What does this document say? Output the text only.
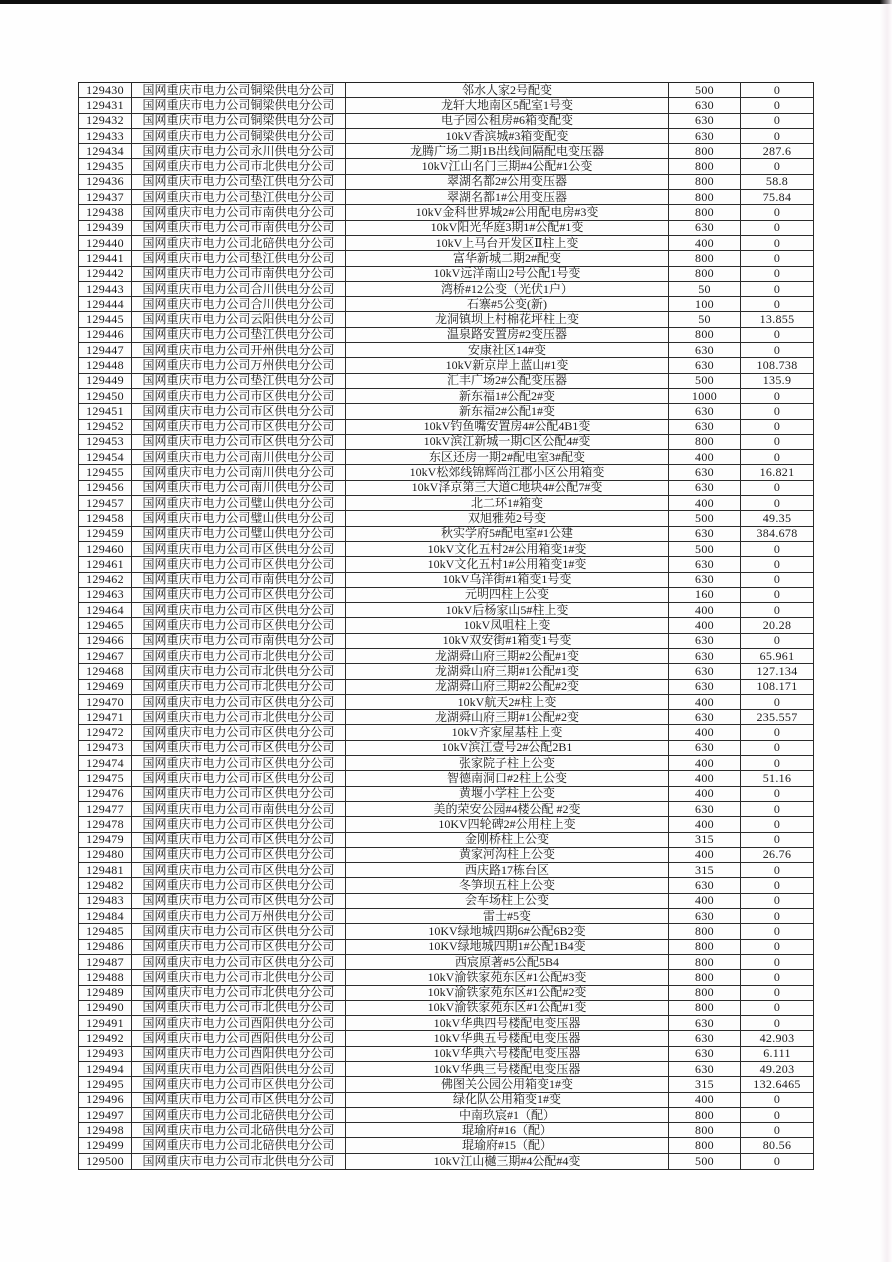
129430	国网重庆市电力公司铜梁供电分公司	邻水人家2号配变	500	0
129431	国网重庆市电力公司铜梁供电分公司	龙轩大地南区5配室1号变	630	0
129432	国网重庆市电力公司铜梁供电分公司	电子园公租房#6箱变配变	630	0
129433	国网重庆市电力公司铜梁供电分公司	10kV香滨城#3箱变配变	630	0
129434	国网重庆市电力公司永川供电分公司	龙腾广场二期1B出线间隔配电变压器	800	287.6
129435	国网重庆市电力公司市北供电分公司	10kV江山名门三期#4公配#1公变	800	0
129436	国网重庆市电力公司垫江供电分公司	翠湖名都2#公用变压器	800	58.8
129437	国网重庆市电力公司垫江供电分公司	翠湖名都1#公用变压器	800	75.84
129438	国网重庆市电力公司市南供电分公司	10kV金科世界城2#公用配电房#3变	800	0
129439	国网重庆市电力公司市南供电分公司	10kV阳光华庭3期1#公配#1变	630	0
129440	国网重庆市电力公司北碚供电分公司	10kV上马台开发区Ⅱ柱上变	400	0
129441	国网重庆市电力公司垫江供电分公司	富华新城二期2#配变	800	0
129442	国网重庆市电力公司市南供电分公司	10kV远洋南山2号公配1号变	800	0
129443	国网重庆市电力公司合川供电分公司	湾桥#12公变（光伏1户）	50	0
129444	国网重庆市电力公司合川供电分公司	石寨#5公变(新)	100	0
129445	国网重庆市电力公司云阳供电分公司	龙洞镇坝上村棉花坪柱上变	50	13.855
129446	国网重庆市电力公司垫江供电分公司	温泉路安置房#2变压器	800	0
129447	国网重庆市电力公司开州供电分公司	安康社区14#变	630	0
129448	国网重庆市电力公司万州供电分公司	10kV新京岸上蓝山#1变	630	108.738
129449	国网重庆市电力公司垫江供电分公司	汇丰广场2#公配变压器	500	135.9
129450	国网重庆市电力公司市区供电分公司	新东福1#公配2#变	1000	0
129451	国网重庆市电力公司市区供电分公司	新东福2#公配1#变	630	0
129452	国网重庆市电力公司市区供电分公司	10kV钓鱼嘴安置房4#公配4B1变	630	0
129453	国网重庆市电力公司市区供电分公司	10kV滨江新城一期C区公配4#变	800	0
129454	国网重庆市电力公司南川供电分公司	东区还房一期2#配电室3#配变	400	0
129455	国网重庆市电力公司南川供电分公司	10kV松郊线锦辉尚江郡小区公用箱变	630	16.821
129456	国网重庆市电力公司南川供电分公司	10kV泽京第三大道C地块4#公配7#变	630	0
129457	国网重庆市电力公司璧山供电分公司	北二环1#箱变	400	0
129458	国网重庆市电力公司璧山供电分公司	双旭雅苑2号变	500	49.35
129459	国网重庆市电力公司璧山供电分公司	秋实学府5#配电室#1公建	630	384.678
129460	国网重庆市电力公司市区供电分公司	10kV文化五村2#公用箱变1#变	500	0
129461	国网重庆市电力公司市区供电分公司	10kV文化五村1#公用箱变1#变	630	0
129462	国网重庆市电力公司市南供电分公司	10kV乌洋街#1箱变1号变	630	0
129463	国网重庆市电力公司市区供电分公司	元明四柱上公变	160	0
129464	国网重庆市电力公司市区供电分公司	10kV后杨家山5#柱上变	400	0
129465	国网重庆市电力公司市区供电分公司	10kV凤咀柱上变	400	20.28
129466	国网重庆市电力公司市南供电分公司	10kV双安街#1箱变1号变	630	0
129467	国网重庆市电力公司市北供电分公司	龙湖舜山府三期#2公配#1变	630	65.961
129468	国网重庆市电力公司市北供电分公司	龙湖舜山府三期#1公配#1变	630	127.134
129469	国网重庆市电力公司市北供电分公司	龙湖舜山府三期#2公配#2变	630	108.171
129470	国网重庆市电力公司市区供电分公司	10kV航天2#柱上变	400	0
129471	国网重庆市电力公司市北供电分公司	龙湖舜山府三期#1公配#2变	630	235.557
129472	国网重庆市电力公司市区供电分公司	10kV齐家屋基柱上变	400	0
129473	国网重庆市电力公司市区供电分公司	10kV滨江壹号2#公配2B1	630	0
129474	国网重庆市电力公司市区供电分公司	张家院子柱上公变	400	0
129475	国网重庆市电力公司市区供电分公司	智德南洞口#2柱上公变	400	51.16
129476	国网重庆市电力公司市区供电分公司	黄堰小学柱上公变	400	0
129477	国网重庆市电力公司市南供电分公司	美的荣安公园#4楼公配 #2变	630	0
129478	国网重庆市电力公司市区供电分公司	10KV四轮碑2#公用柱上变	400	0
129479	国网重庆市电力公司市区供电分公司	金刚桥柱上公变	315	0
129480	国网重庆市电力公司市区供电分公司	黄家河沟柱上公变	400	26.76
129481	国网重庆市电力公司市区供电分公司	西庆路17栋台区	315	0
129482	国网重庆市电力公司市区供电分公司	冬笋坝五柱上公变	630	0
129483	国网重庆市电力公司市区供电分公司	会车场柱上公变	400	0
129484	国网重庆市电力公司万州供电分公司	雷士#5变	630	0
129485	国网重庆市电力公司市区供电分公司	10KV绿地城四期6#公配6B2变	800	0
129486	国网重庆市电力公司市区供电分公司	10KV绿地城四期1#公配1B4变	800	0
129487	国网重庆市电力公司市区供电分公司	西宸原著#5公配5B4	800	0
129488	国网重庆市电力公司市北供电分公司	10kV渝铁家苑东区#1公配#3变	800	0
129489	国网重庆市电力公司市北供电分公司	10kV渝铁家苑东区#1公配#2变	800	0
129490	国网重庆市电力公司市北供电分公司	10kV渝铁家苑东区#1公配#1变	800	0
129491	国网重庆市电力公司酉阳供电分公司	10kV华典四号楼配电变压器	630	0
129492	国网重庆市电力公司酉阳供电分公司	10kV华典五号楼配电变压器	630	42.903
129493	国网重庆市电力公司酉阳供电分公司	10kV华典六号楼配电变压器	630	6.111
129494	国网重庆市电力公司酉阳供电分公司	10kV华典三号楼配电变压器	630	49.203
129495	国网重庆市电力公司市区供电分公司	佛图关公园公用箱变1#变	315	132.6465
129496	国网重庆市电力公司市区供电分公司	绿化队公用箱变1#变	400	0
129497	国网重庆市电力公司北碚供电分公司	中南玖宸#1（配）	800	0
129498	国网重庆市电力公司北碚供电分公司	琨瑜府#16（配）	800	0
129499	国网重庆市电力公司北碚供电分公司	琨瑜府#15（配）	800	80.56
129500	国网重庆市电力公司市北供电分公司	10kV江山樾三期#4公配#4变	500	0
